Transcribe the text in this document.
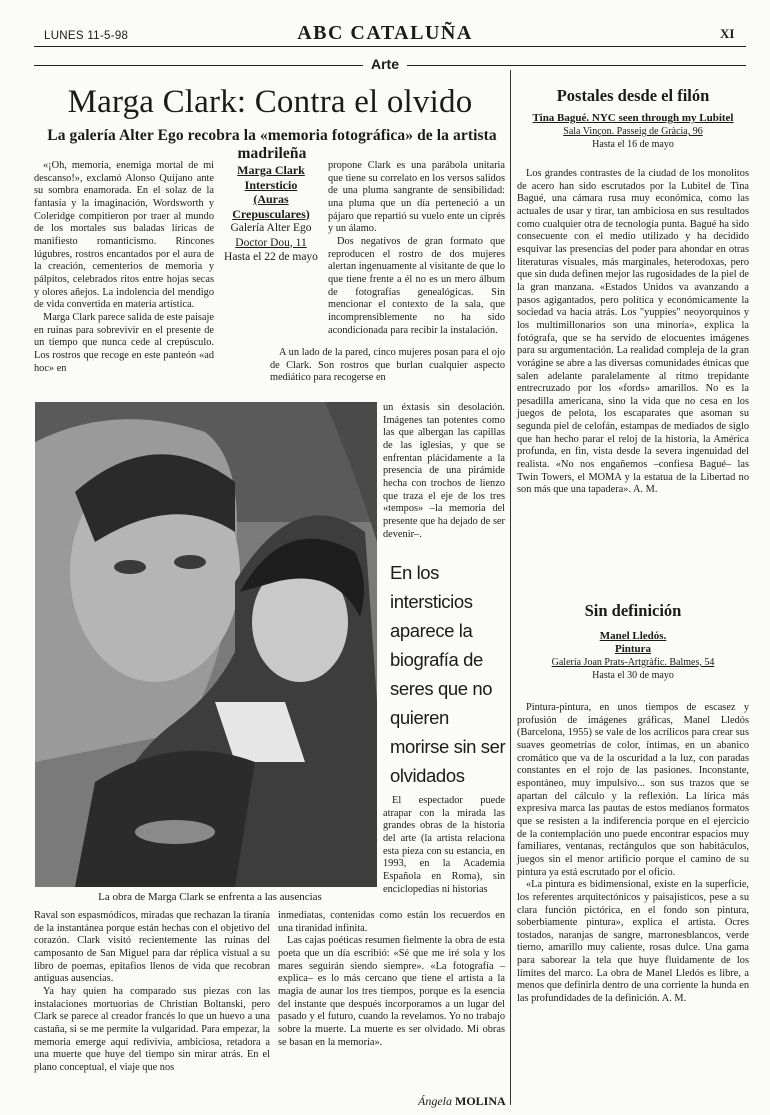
LUNES 11-5-98	ABC CATALUÑA	XI
Arte
Marga Clark: Contra el olvido
La galería Alter Ego recobra la «memoria fotográfica» de la artista madrileña

«¡Oh, memoria, enemiga mortal de mi descanso!», exclamó Alonso Quijano ante su sombra enamorada. En el solaz de la fantasía y la imaginación, Wordsworth y Coleridge compitieron por traer al mundo de los mortales sus baladas líricas de manifiesto romanticismo. Rincones lúgubres, rostros encantados por el aura de la creación, cementerios de memoria y pálpitos, celebrados ritos entre hojas secas y olores añejos. La indolencia del mendigo de vida convertida en materia artística.

Marga Clark parece salida de este paisaje en ruinas para sobrevivir en el presente de un tiempo que nunca cede al crepúsculo. Los rostros que recoge en este panteón «ad hoc» en

Marga Clark
Intersticio
(Auras
Crepusculares)
Galería Alter Ego
Doctor Dou, 11
Hasta el 22 de mayo

propone Clark es una parábola unitaria que tiene su correlato en los versos salidos de una pluma sangrante de sensibilidad: una pluma que un día perteneció a un pájaro que repartió su vuelo ente un ciprés y un álamo.

Dos negativos de gran formato que reproducen el rostro de dos mujeres alertan ingenuamente al visitante de que lo que tiene frente a él no es un mero álbum de fotografías genealógicas. Sin mencionar el contexto de la sala, que incomprensiblemente no ha sido acondicionada para recibir la instalación.

A un lado de la pared, cinco mujeres posan para el ojo de Clark. Son rostros que burlan cualquier aspecto mediático para recogerse en

La obra de Marga Clark se enfrenta a las ausencias

un éxtasis sin desolación. Imágenes tan potentes como las que albergan las capillas de las iglesias, y que se enfrentan plácidamente a la presencia de una pirámide hecha con trochos de lienzo que traza el eje de los tres «tempos» –la memoria del presente que ha dejado de ser devenir–.

En los intersticios aparece la biografía de seres que no quieren morirse sin ser olvidados

El espectador puede atrapar con la mirada las grandes obras de la historia del arte (la artista relaciona esta pieza con su estancia, en 1993, en la Academia Española en Roma), sin enciclopedias ni historias

Raval son espasmódicos, miradas que rechazan la tiranía de la instantánea porque están hechas con el objetivo del corazón. Clark visitó recientemente las ruinas del camposanto de San Miguel para dar réplica vistual a su libro de poemas, epitafios llenos de vida que recobran antiguas ausencias.

Ya hay quien ha comparado sus piezas con las instalaciones mortuorias de Christian Boltanski, pero Clark se parece al creador francés lo que un huevo a una castaña, si se me permite la vulgaridad. Para empezar, la memoria emerge aquí redivivia, ambiciosa, retadora a una muerte que huye del tiempo sin mirar atrás. En el plano conceptual, el viaje que nos

inmediatas, contenidas como están los recuerdos en una tiranidad infinita.

Las cajas poéticas resumen fielmente la obra de esta poeta que un día escribió: «Sé que me iré sola y los mares seguirán siendo siempre». «La fotografía –explica– es lo más cercano que tiene el artista a la magia de aunar los tres tiempos, porque es la esencia del instante que después incorporamos a un lugar del pasado y el futuro, cuando la revelamos. Yo no trabajo sobre la muerte. La muerte es ser olvidado. Mi obras se basan en la memoria».

Ángela MOLINA
Postales desde el filón
Tina Bagué. NYC seen through my Lubitel
Sala Vinçon. Passeig de Gràcia, 96
Hasta el 16 de mayo

Los grandes contrastes de la ciudad de los monolitos de acero han sido escrutados por la Lubitel de Tina Bagué, una cámara rusa muy económica, como las actuales de usar y tirar, tan ambiciosa en sus resultados como cualquier otra de tecnología punta. Bagué ha sido consecuente con el medio utilizado y ha decidido esquivar las presencias del poder para ahondar en otras literaturas visuales, más marginales, heterodoxas, pero que sin duda definen mejor las rugosidades de la piel de la gran manzana. «Estados Unidos va avanzando a pasos agigantados, pero política y económicamente la sociedad va hacia atrás. Los "yuppies" neoyorquinos y los multimillonarios son una minoría», explica la fotógrafa, que se ha servido de elocuentes imágenes para su argumentación. La realidad compleja de la gran vorágine se abre a las diversas comunidades étnicas que salen adelante paralelamente al ritmo trepidante entrecruzado por los «fords» amarillos. No es la pesadilla americana, sino la vida que no cesa en los juegos de pelota, los escaparates que asoman su segunda piel de celofán, estampas de mediados de siglo que han hecho parar el reloj de la historia, la América profunda, en fin, vista desde la severa ingenuidad del realista. «No nos engañemos –confiesa Bagué– las Twin Towers, el MOMA y la estatua de la Libertad no son más que una tapadera». A. M.

Sin definición
Manel Lledós.
Pintura
Galería Joan Prats-Artgràfic. Balmes, 54
Hasta el 30 de mayo

Pintura-pintura, en unos tiempos de escasez y profusión de imágenes gráficas, Manel Lledós (Barcelona, 1955) se vale de los acrílicos para crear sus suaves geometrías de color, íntimas, en un abanico cromático que va de la oscuridad a la luz, con paradas constantes en el rojo de las pasiones. Inconstante, espontáneo, muy impulsivo... son sus trazos que se apartan del cálculo y la reflexión. La lírica más expresiva marca las pautas de estos medianos formatos que se resisten a la indiferencia porque en el ejercicio de la contemplación uno puede encontrar espacios muy familiares, ventanas, rectángulos que son habitáculos, juegos sin el menor artificio porque el camino de su pintura ya está escrutado por el oficio.

«La pintura es bidimensional, existe en la superficie, los referentes arquitectónicos y paisajísticos, pese a su clara función pictórica, en el fondo son pintura, soberbiamente pintura», explica el artista. Ocres tostados, naranjas de sangre, marronesblancos, verde tierno, amarillo muy caliente, rosas dulce. Una gama para saborear la tela que huye fluidamente de los límites del marco. La obra de Manel Lledós es libre, a menos que definirla dentro de una corriente la hunda en las profundidades de la definición. A. M.
